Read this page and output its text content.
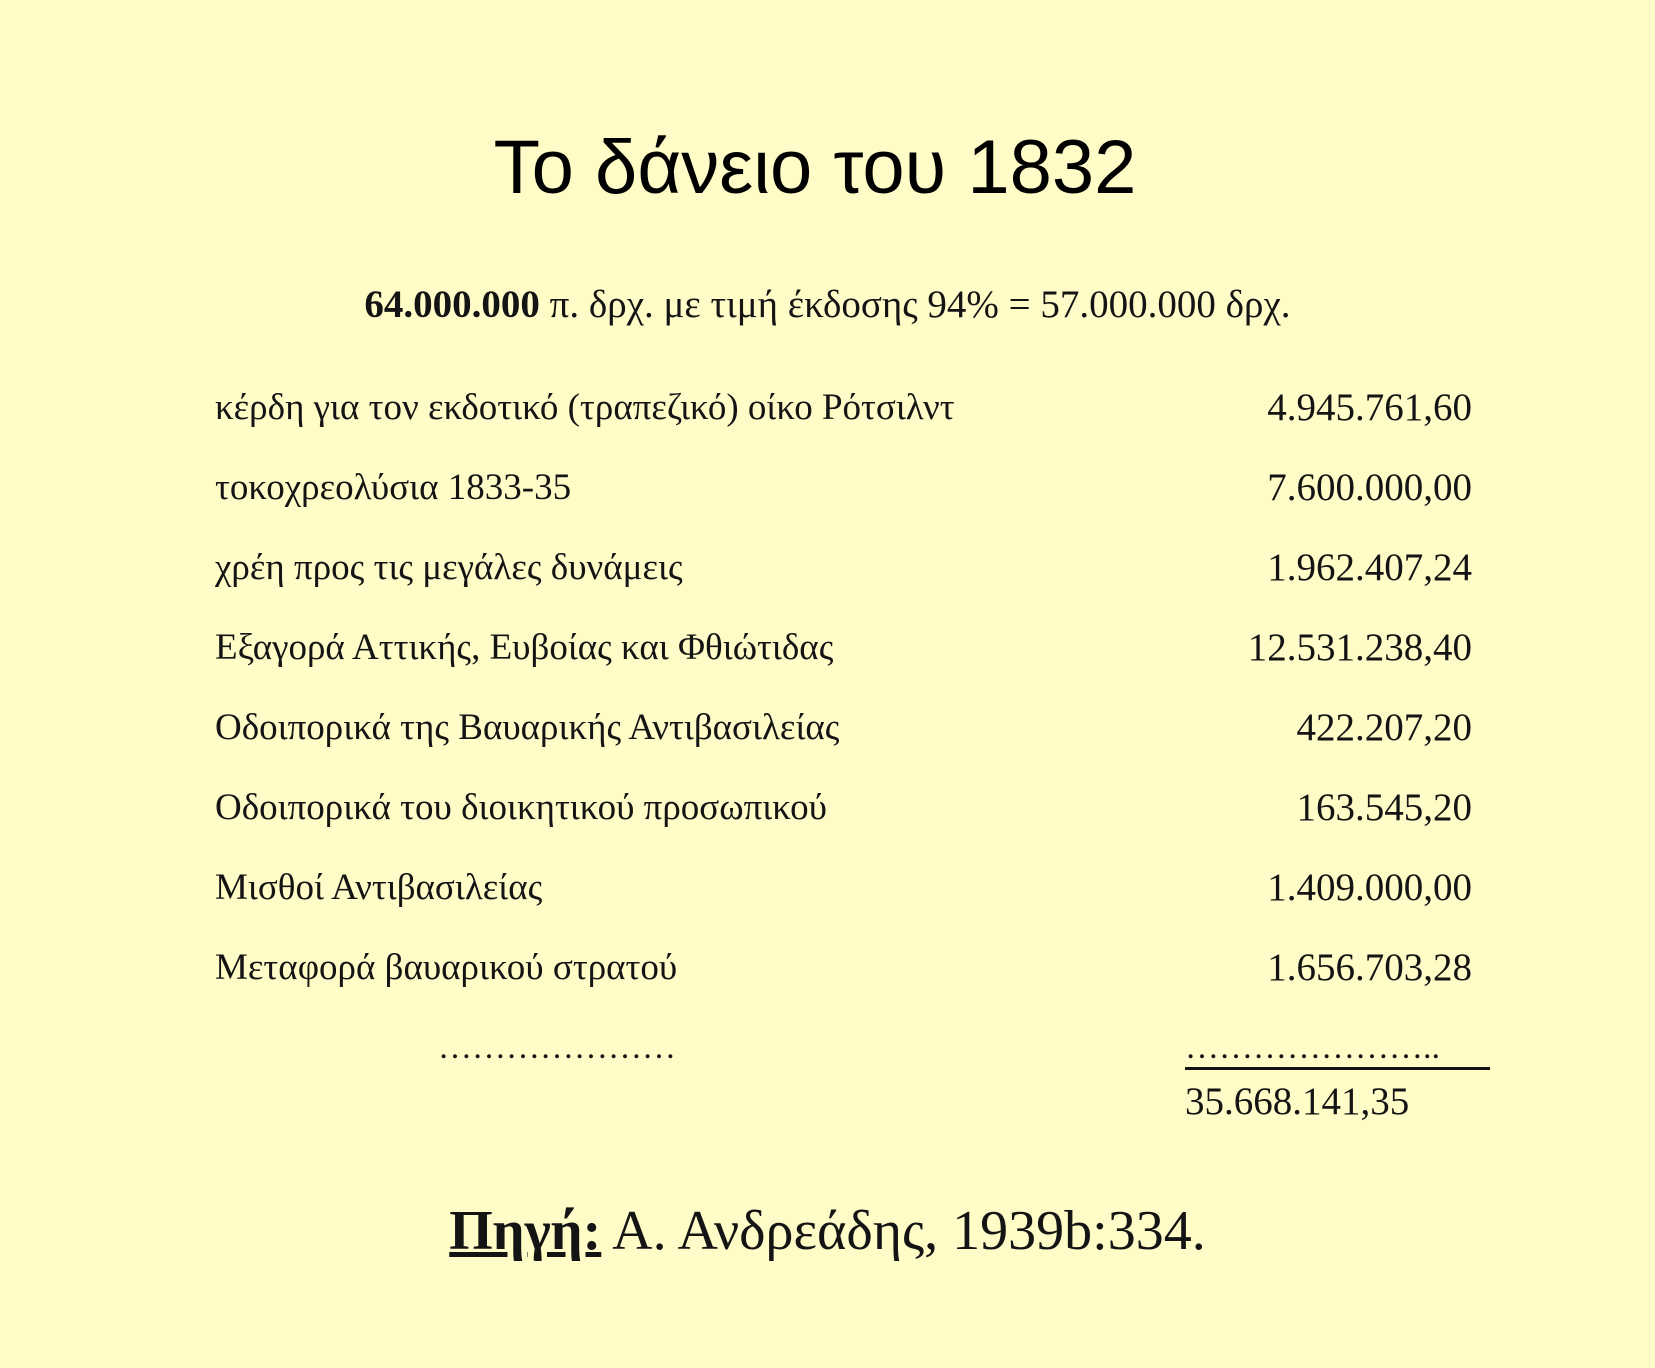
Το δάνειο του 1832
64.000.000 π. δρχ. με τιμή έκδοσης 94% = 57.000.000 δρχ.
κέρδη για τον εκδοτικό (τραπεζικό) οίκο Ρότσιλντ	4.945.761,60
τοκοχρεολύσια 1833-35	7.600.000,00
χρέη προς τις μεγάλες δυνάμεις	1.962.407,24
Εξαγορά Αττικής, Ευβοίας και Φθιώτιδας	12.531.238,40
Οδοιπορικά της Βαυαρικής Αντιβασιλείας	422.207,20
Οδοιπορικά του διοικητικού προσωπικού	163.545,20
Μισθοί Αντιβασιλείας	1.409.000,00
Μεταφορά βαυαρικού στρατού	1.656.703,28
…………………	…………………..
35.668.141,35
Πηγή: Α. Ανδρεάδης, 1939b:334.
